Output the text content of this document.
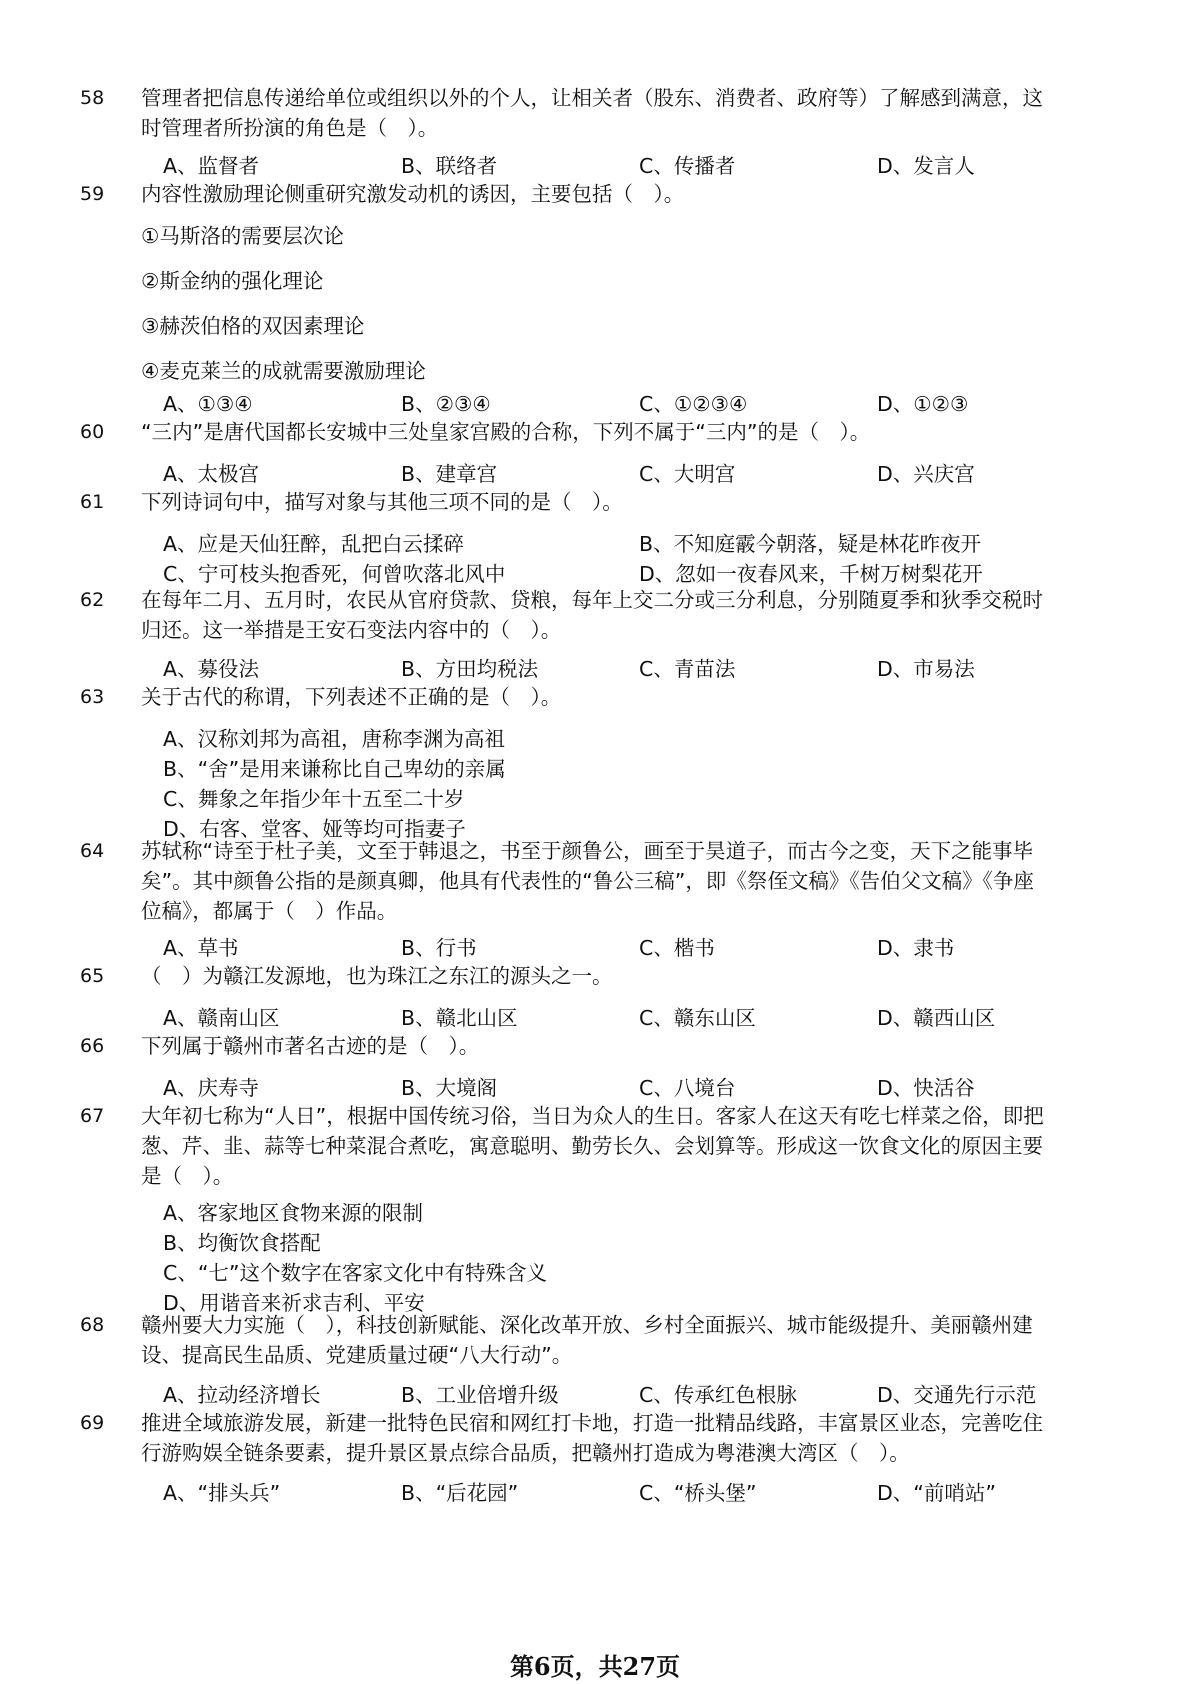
58 管理者把信息传递给单位或组织以外的个人，让相关者（股东、消费者、政府等）了解感到满意，这
时管理者所扮演的角色是（　）。
A、监督者	B、联络者	C、传播者	D、发言人
59 内容性激励理论侧重研究激发动机的诱因，主要包括（　）。
①马斯洛的需要层次论
②斯金纳的强化理论
③赫茨伯格的双因素理论
④麦克莱兰的成就需要激励理论
A、①③④	B、②③④	C、①②③④	D、①②③
60 “三内”是唐代国都长安城中三处皇家宫殿的合称，下列不属于“三内”的是（　）。
A、太极宫	B、建章宫	C、大明宫	D、兴庆宫
61 下列诗词句中，描写对象与其他三项不同的是（　）。
A、应是天仙狂醉，乱把白云揉碎	B、不知庭霰今朝落，疑是林花昨夜开
C、宁可枝头抱香死，何曾吹落北风中	D、忽如一夜春风来，千树万树梨花开
62 在每年二月、五月时，农民从官府贷款、贷粮，每年上交二分或三分利息，分别随夏季和狄季交税时
归还。这一举措是王安石变法内容中的（　）。
A、募役法	B、方田均税法	C、青苗法	D、市易法
63 关于古代的称谓，下列表述不正确的是（　）。
A、汉称刘邦为高祖，唐称李渊为高祖
B、“舍”是用来谦称比自己卑幼的亲属
C、舞象之年指少年十五至二十岁
D、右客、堂客、娅等均可指妻子
64 苏轼称“诗至于杜子美，文至于韩退之，书至于颜鲁公，画至于昊道子，而古今之变，天下之能事毕
矣”。其中颜鲁公指的是颜真卿，他具有代表性的“鲁公三稿”，即《祭侄文稿》《告伯父文稿》《争座
位稿》，都属于（　）作品。
A、草书	B、行书	C、楷书	D、隶书
65 （　）为赣江发源地，也为珠江之东江的源头之一。
A、赣南山区	B、赣北山区	C、赣东山区	D、赣西山区
66 下列属于赣州市著名古迹的是（　）。
A、庆寿寺	B、大境阁	C、八境台	D、快活谷
67 大年初七称为“人日”，根据中国传统习俗，当日为众人的生日。客家人在这天有吃七样菜之俗，即把
葱、芹、韭、蒜等七种菜混合煮吃，寓意聪明、勤劳长久、会划算等。形成这一饮食文化的原因主要
是（　）。
A、客家地区食物来源的限制
B、均衡饮食搭配
C、“七”这个数字在客家文化中有特殊含义
D、用谐音来祈求吉利、平安
68 赣州要大力实施（　），科技创新赋能、深化改革开放、乡村全面振兴、城市能级提升、美丽赣州建
设、提高民生品质、党建质量过硬“八大行动”。
A、拉动经济增长	B、工业倍增升级	C、传承红色根脉	D、交通先行示范
69 推进全域旅游发展，新建一批特色民宿和网红打卡地，打造一批精品线路，丰富景区业态，完善吃住
行游购娱全链条要素，提升景区景点综合品质，把赣州打造成为粤港澳大湾区（　）。
A、“排头兵”	B、“后花园”	C、“桥头堡”	D、“前哨站”
第6页，共27页
